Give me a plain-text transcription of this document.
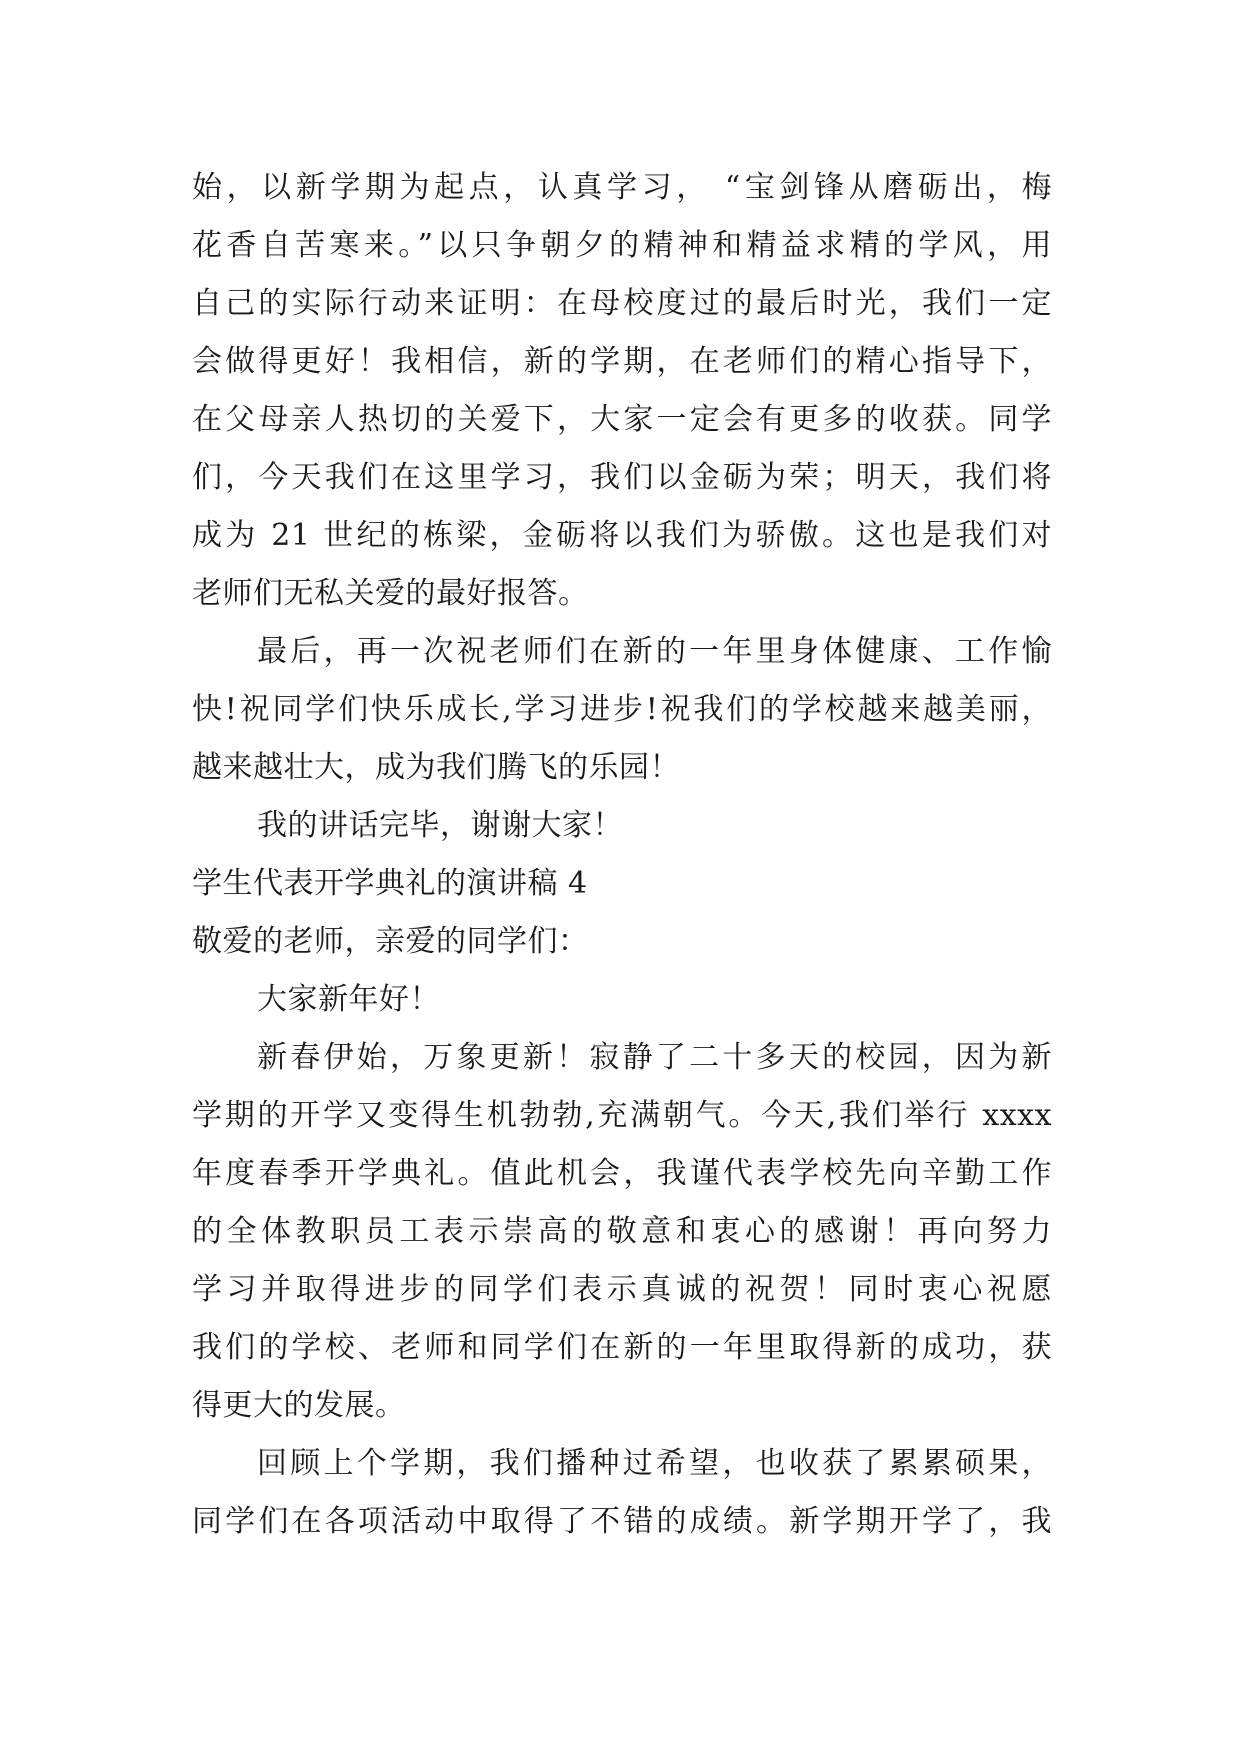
始，以新学期为起点，认真学习， “宝剑锋从磨砺出，梅
花香自苦寒来。”以只争朝夕的精神和精益求精的学风，用
自己的实际行动来证明：在母校度过的最后时光，我们一定
会做得更好！我相信，新的学期，在老师们的精心指导下，
在父母亲人热切的关爱下，大家一定会有更多的收获。同学
们，今天我们在这里学习，我们以金砺为荣；明天，我们将
成为 21 世纪的栋梁，金砺将以我们为骄傲。这也是我们对
老师们无私关爱的最好报答。
最后，再一次祝老师们在新的一年里身体健康、工作愉
快!祝同学们快乐成长,学习进步!祝我们的学校越来越美丽，
越来越壮大，成为我们腾飞的乐园！
我的讲话完毕，谢谢大家！
学生代表开学典礼的演讲稿 4
敬爱的老师，亲爱的同学们：
大家新年好！
新春伊始，万象更新！寂静了二十多天的校园，因为新
学期的开学又变得生机勃勃,充满朝气。今天,我们举行 xxxx
年度春季开学典礼。值此机会，我谨代表学校先向辛勤工作
的全体教职员工表示崇高的敬意和衷心的感谢！再向努力
学习并取得进步的同学们表示真诚的祝贺！同时衷心祝愿
我们的学校、老师和同学们在新的一年里取得新的成功，获
得更大的发展。
回顾上个学期，我们播种过希望，也收获了累累硕果，
同学们在各项活动中取得了不错的成绩。新学期开学了，我
